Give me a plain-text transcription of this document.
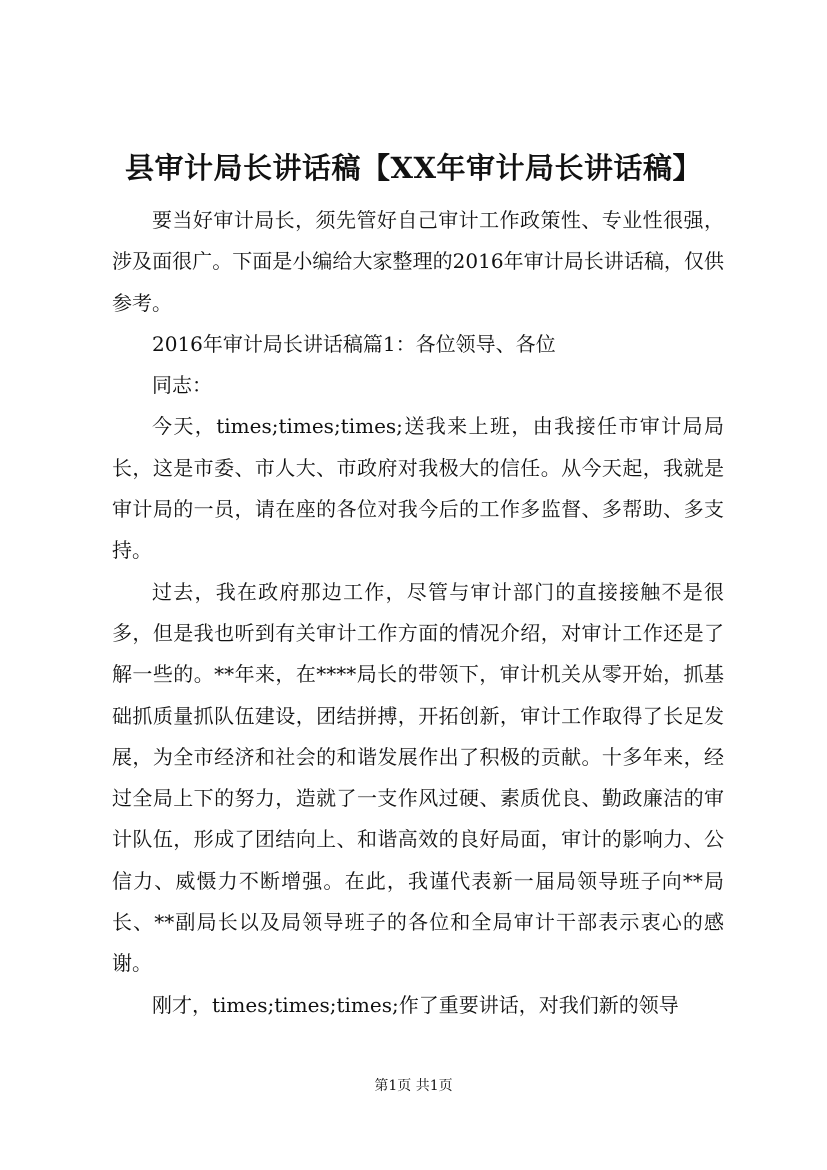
县审计局长讲话稿【XX年审计局长讲话稿】

要当好审计局长，须先管好自己审计工作政策性、专业性很强，涉及面很广。下面是小编给大家整理的2016年审计局长讲话稿，仅供参考。

2016年审计局长讲话稿篇1：各位领导、各位

同志：

今天，times;times;times;送我来上班，由我接任市审计局局长，这是市委、市人大、市政府对我极大的信任。从今天起，我就是审计局的一员，请在座的各位对我今后的工作多监督、多帮助、多支持。

过去，我在政府那边工作，尽管与审计部门的直接接触不是很多，但是我也听到有关审计工作方面的情况介绍，对审计工作还是了解一些的。**年来，在****局长的带领下，审计机关从零开始，抓基础抓质量抓队伍建设，团结拼搏，开拓创新，审计工作取得了长足发展，为全市经济和社会的和谐发展作出了积极的贡献。十多年来，经过全局上下的努力，造就了一支作风过硬、素质优良、勤政廉洁的审计队伍，形成了团结向上、和谐高效的良好局面，审计的影响力、公信力、威慑力不断增强。在此，我谨代表新一届局领导班子向**局长、**副局长以及局领导班子的各位和全局审计干部表示衷心的感谢。

刚才，times;times;times;作了重要讲话，对我们新的领导

第1页 共1页
